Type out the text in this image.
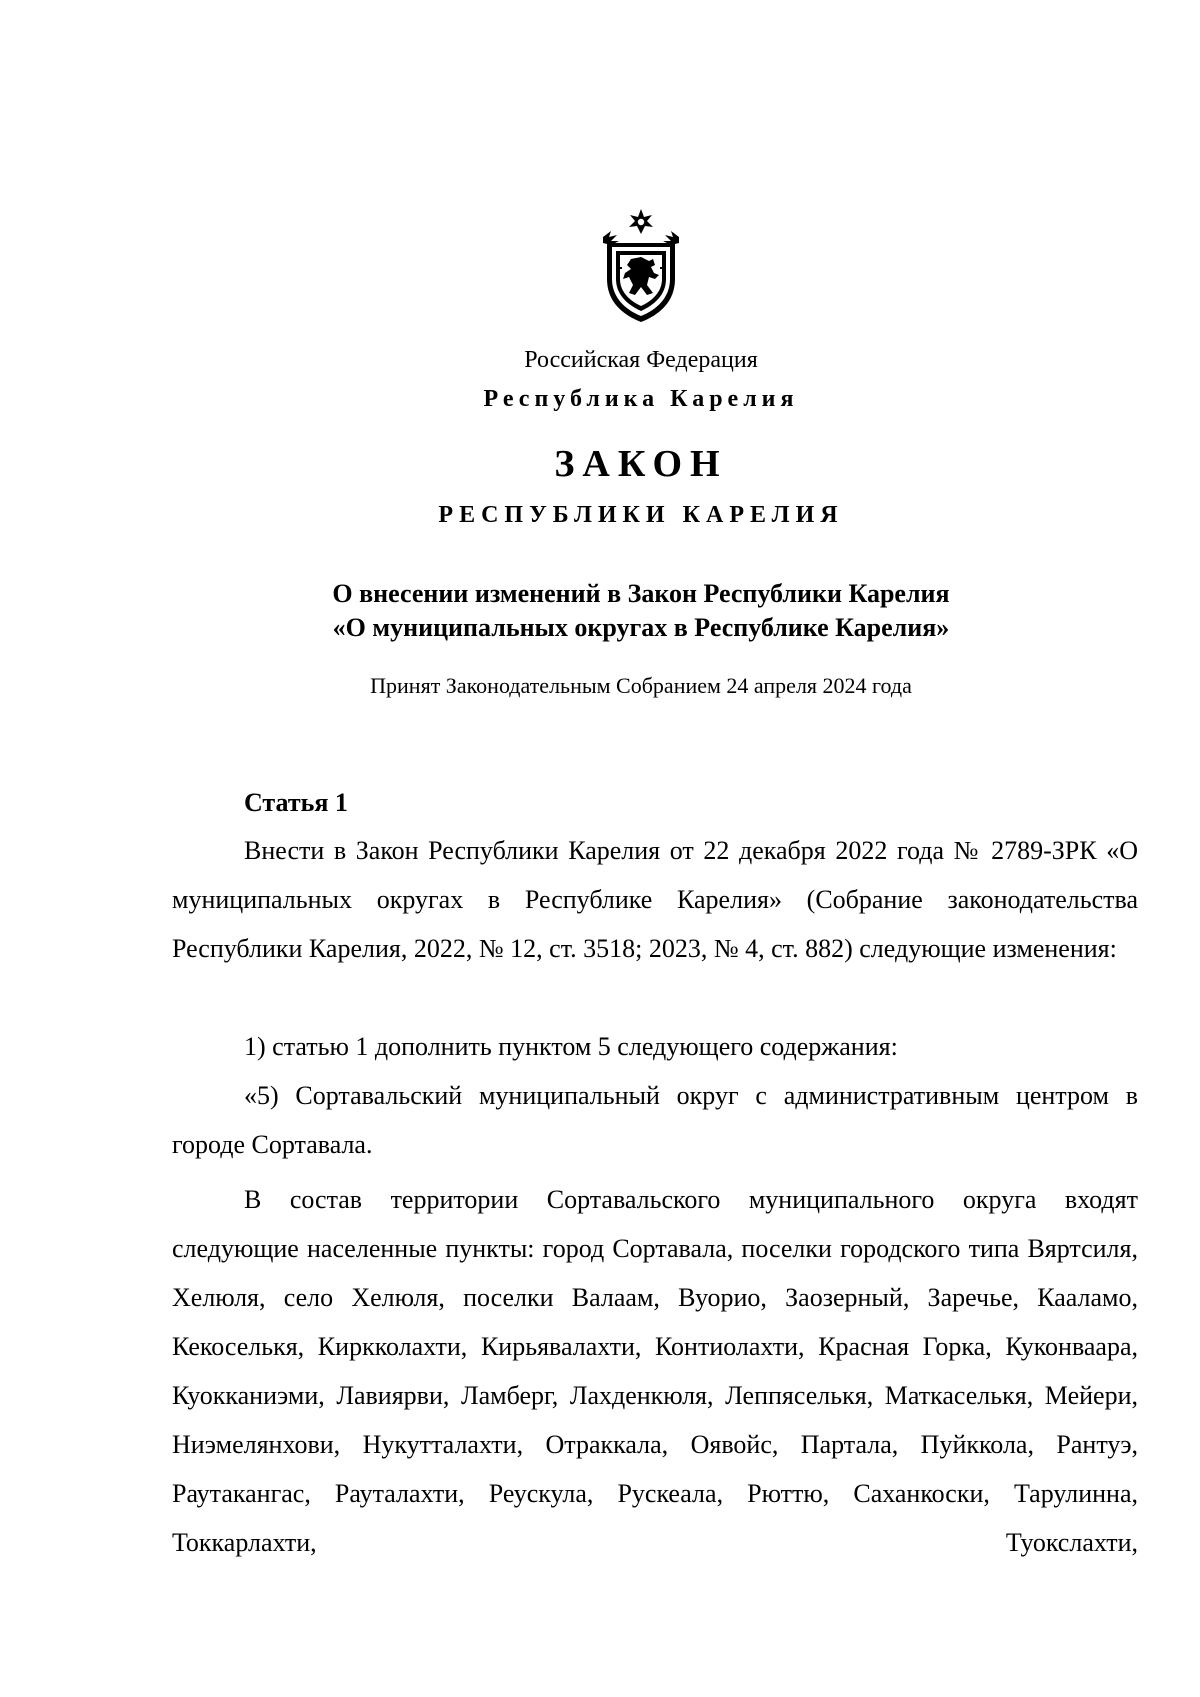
Российская Федерация
Республика Карелия
ЗАКОН
РЕСПУБЛИКИ КАРЕЛИЯ
О внесении изменений в Закон Республики Карелия
«О муниципальных округах в Республике Карелия»
Принят Законодательным Собранием 24 апреля 2024 года
Статья 1

Внести в Закон Республики Карелия от 22 декабря 2022 года № 2789-ЗРК «О муниципальных округах в Республике Карелия» (Собрание законодательства Республики Карелия, 2022, № 12, ст. 3518; 2023, № 4, ст. 882) следующие изменения:

1) статью 1 дополнить пунктом 5 следующего содержания:

«5) Сортавальский муниципальный округ с административным центром в городе Сортавала.

В состав территории Сортавальского муниципального округа входят следующие населенные пункты: город Сортавала, поселки городского типа Вяртсиля, Хелюля, село Хелюля, поселки Валаам, Вуорио, Заозерный, Заречье, Кааламо, Кекоселькя, Киркколахти, Кирьявалахти, Контиолахти, Красная Горка, Куконваара, Куокканиэми, Лавиярви, Ламберг, Лахденкюля, Леппяселькя, Маткаселькя, Мейери, Ниэмелянхови, Нукутталахти, Отраккала, Оявойс, Партала, Пуйккола, Рантуэ, Раутакангас, Рауталахти, Реускула, Рускеала, Рюттю, Саханкоски, Тарулинна, Токкарлахти, Туокслахти,
